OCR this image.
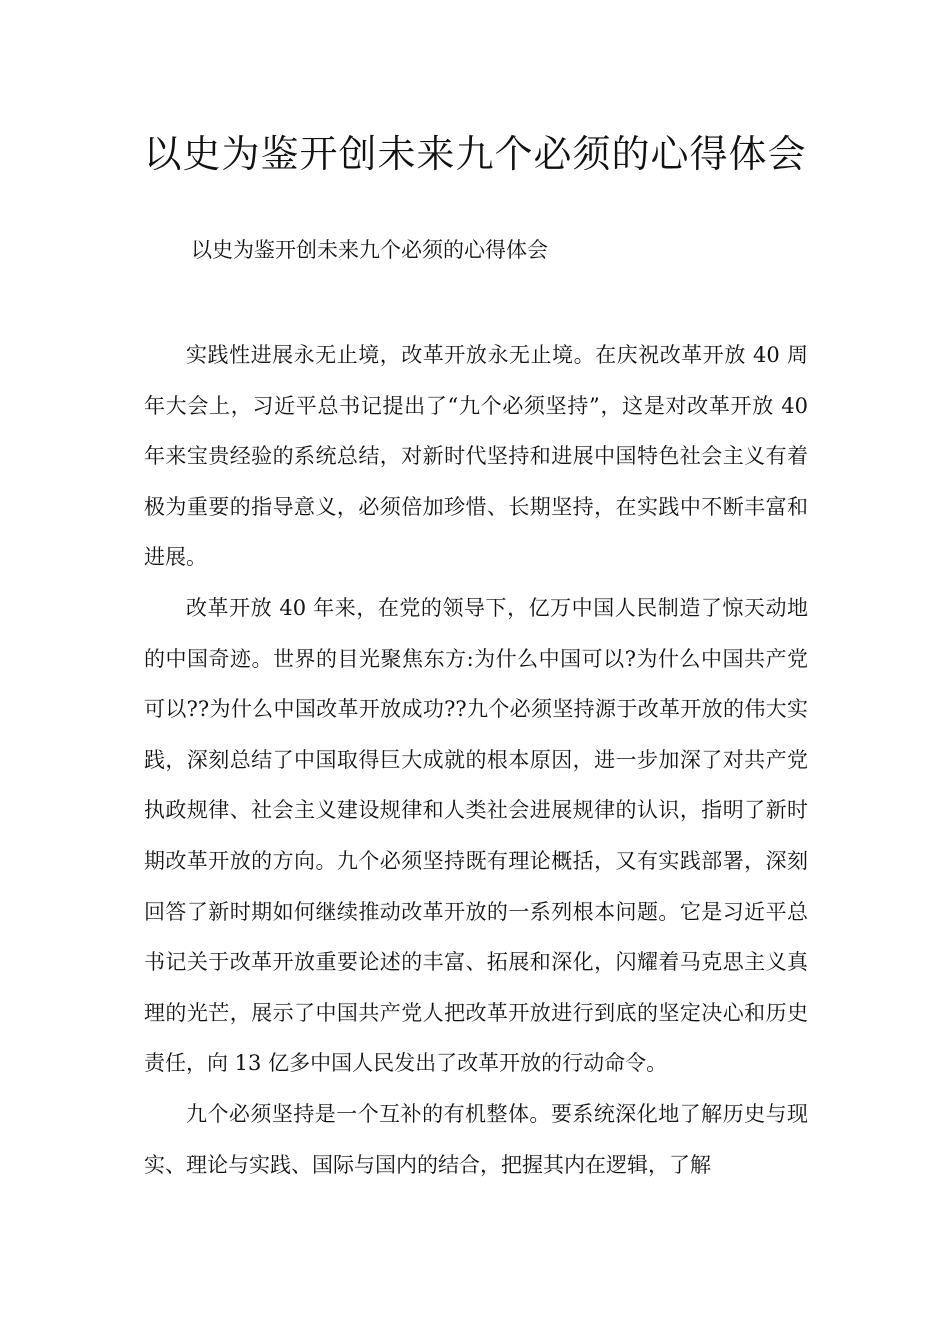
以史为鉴开创未来九个必须的心得体会

以史为鉴开创未来九个必须的心得体会

实践性进展永无止境，改革开放永无止境。在庆祝改革开放 40 周年大会上，习近平总书记提出了“九个必须坚持”，这是对改革开放 40 年来宝贵经验的系统总结，对新时代坚持和进展中国特色社会主义有着极为重要的指导意义，必须倍加珍惜、长期坚持，在实践中不断丰富和进展。

改革开放 40 年来，在党的领导下，亿万中国人民制造了惊天动地的中国奇迹。世界的目光聚焦东方:为什么中国可以?为什么中国共产党可以??为什么中国改革开放成功??九个必须坚持源于改革开放的伟大实践，深刻总结了中国取得巨大成就的根本原因，进一步加深了对共产党执政规律、社会主义建设规律和人类社会进展规律的认识，指明了新时期改革开放的方向。九个必须坚持既有理论概括，又有实践部署，深刻回答了新时期如何继续推动改革开放的一系列根本问题。它是习近平总书记关于改革开放重要论述的丰富、拓展和深化，闪耀着马克思主义真理的光芒，展示了中国共产党人把改革开放进行到底的坚定决心和历史责任，向 13 亿多中国人民发出了改革开放的行动命令。

九个必须坚持是一个互补的有机整体。要系统深化地了解历史与现实、理论与实践、国际与国内的结合，把握其内在逻辑，了解
